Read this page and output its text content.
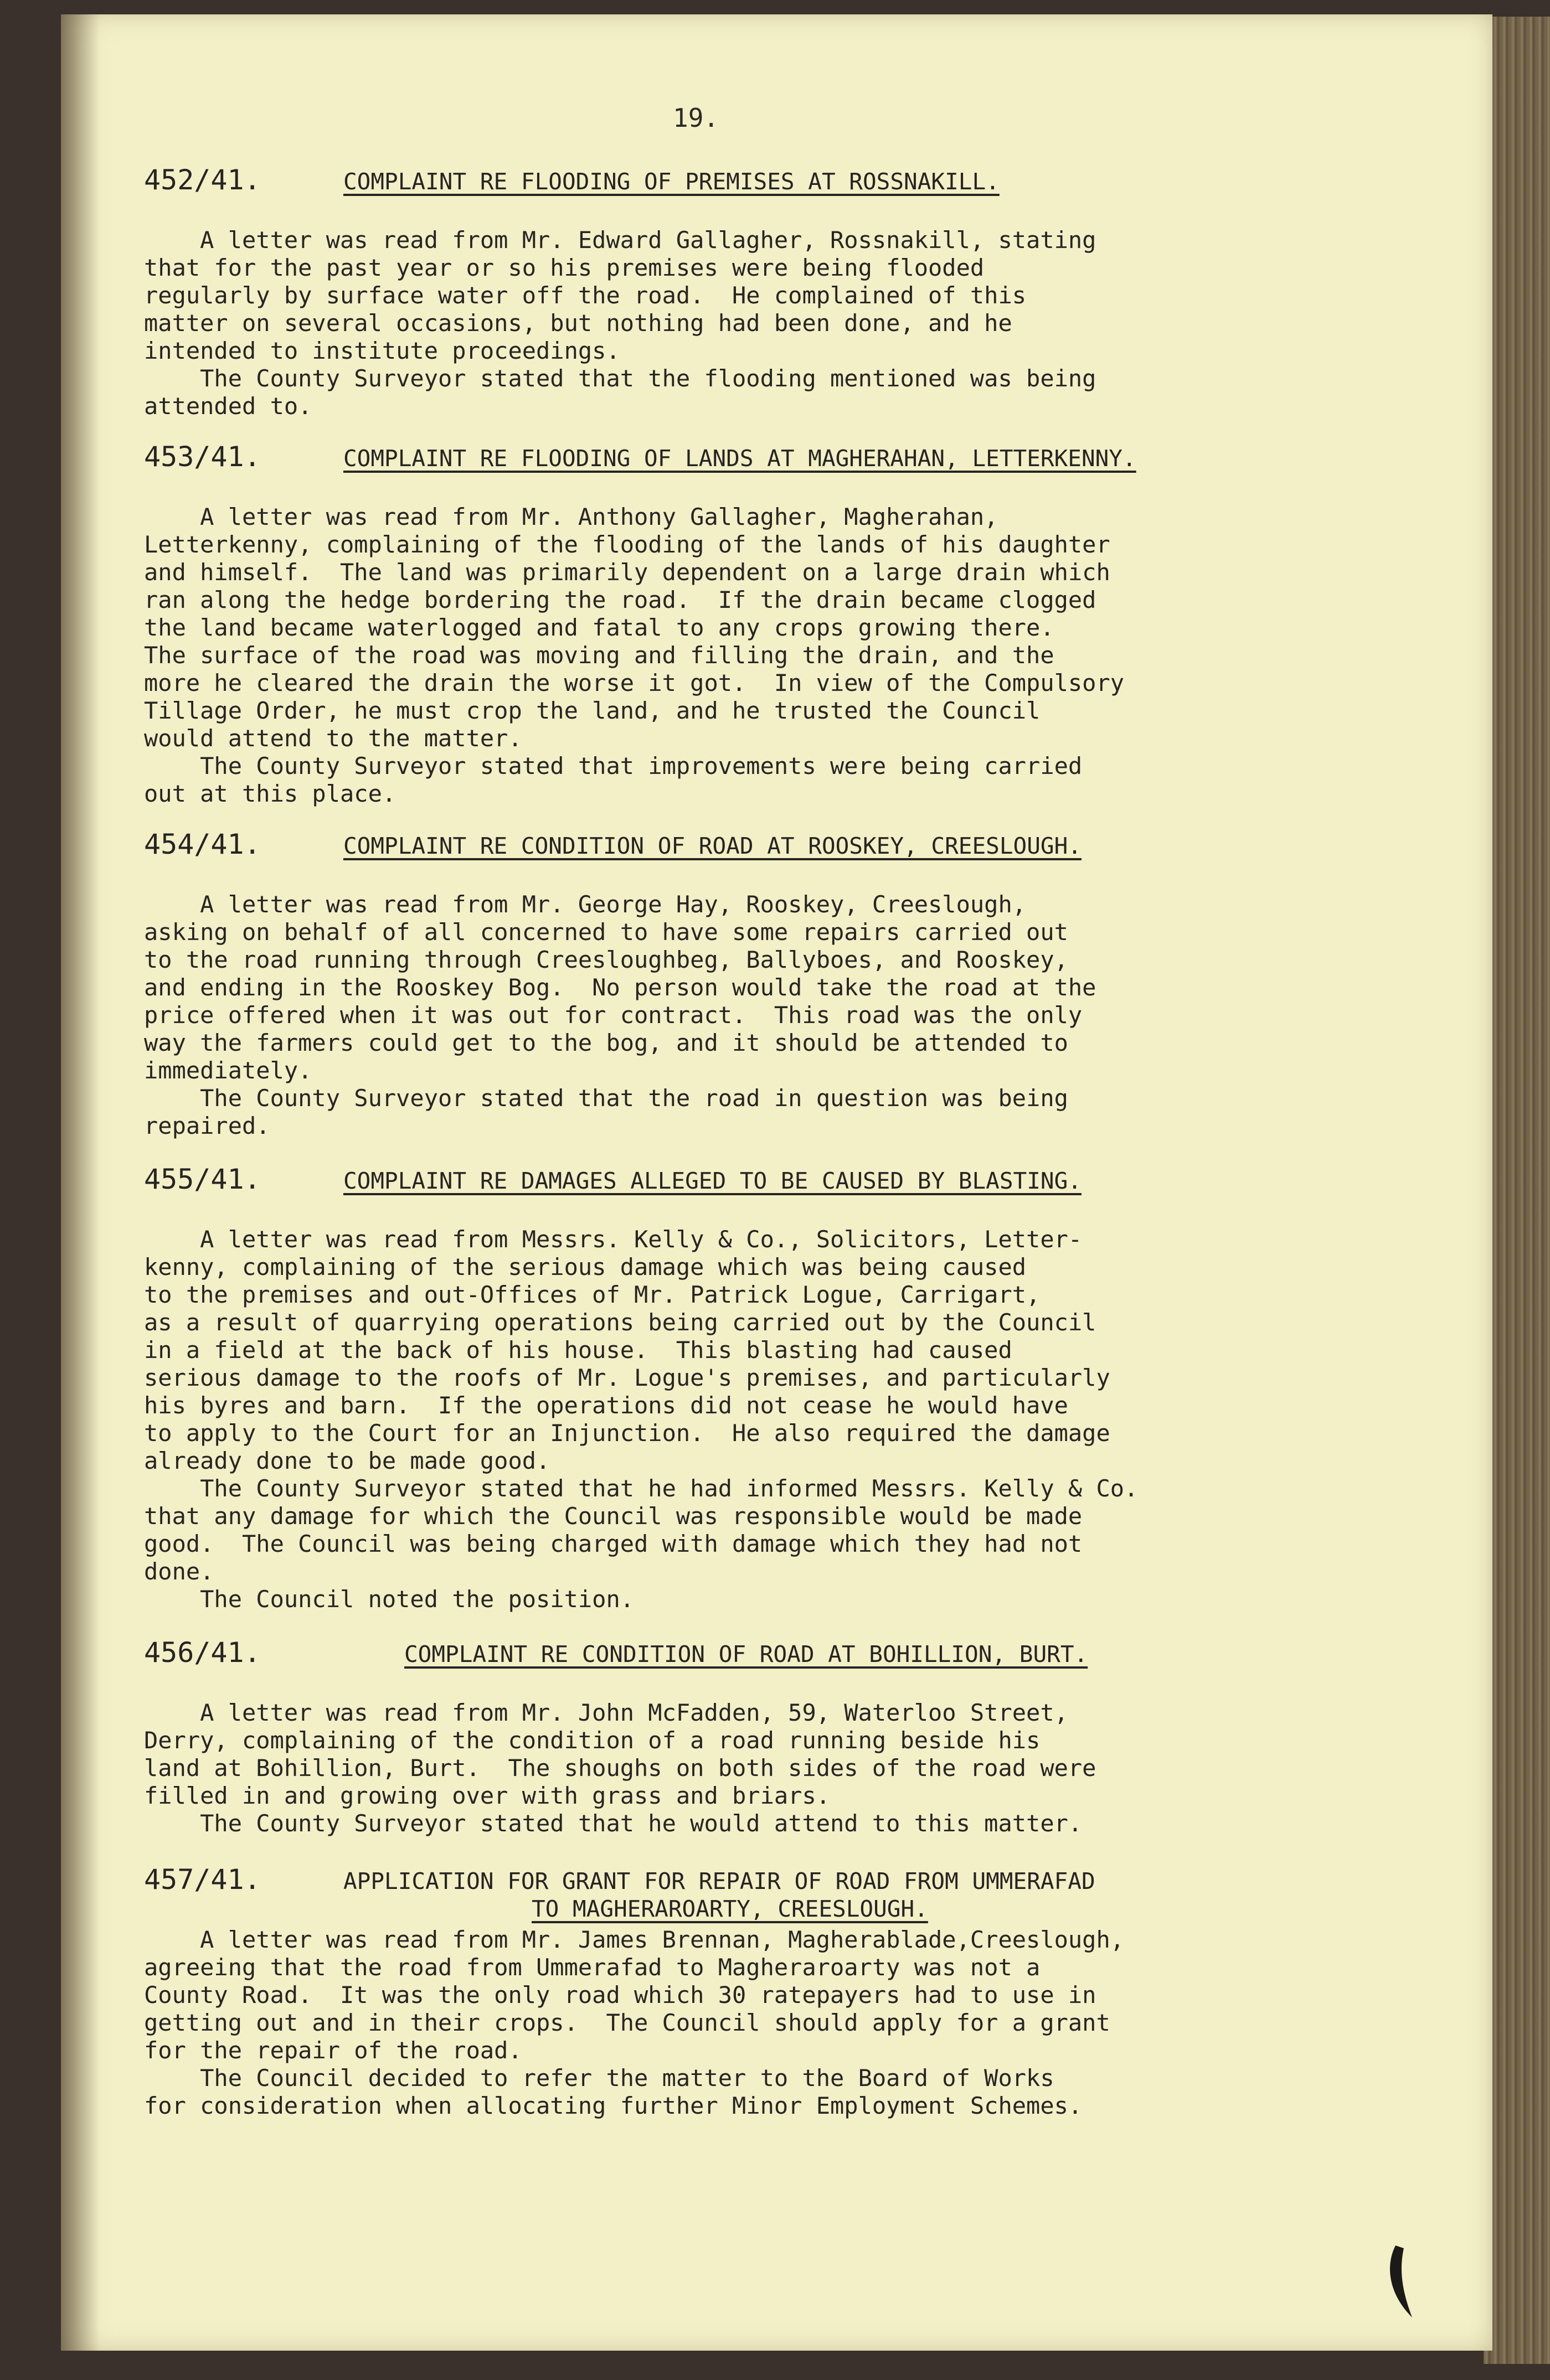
19.
452/41.	COMPLAINT RE FLOODING OF PREMISES AT ROSSNAKILL.

A letter was read from Mr. Edward Gallagher, Rossnakill, stating

that for the past year or so his premises were being flooded

regularly by surface water off the road.  He complained of this

matter on several occasions, but nothing had been done, and he

intended to institute proceedings.

The County Surveyor stated that the flooding mentioned was being

attended to.

453/41.	COMPLAINT RE FLOODING OF LANDS AT MAGHERAHAN, LETTERKENNY.

A letter was read from Mr. Anthony Gallagher, Magherahan,

Letterkenny, complaining of the flooding of the lands of his daughter

and himself.  The land was primarily dependent on a large drain which

ran along the hedge bordering the road.  If the drain became clogged

the land became waterlogged and fatal to any crops growing there.

The surface of the road was moving and filling the drain, and the

more he cleared the drain the worse it got.  In view of the Compulsory

Tillage Order, he must crop the land, and he trusted the Council

would attend to the matter.

The County Surveyor stated that improvements were being carried

out at this place.

454/41.	COMPLAINT RE CONDITION OF ROAD AT ROOSKEY, CREESLOUGH.

A letter was read from Mr. George Hay, Rooskey, Creeslough,

asking on behalf of all concerned to have some repairs carried out

to the road running through Creesloughbeg, Ballyboes, and Rooskey,

and ending in the Rooskey Bog.  No person would take the road at the

price offered when it was out for contract.  This road was the only

way the farmers could get to the bog, and it should be attended to

immediately.

The County Surveyor stated that the road in question was being

repaired.

455/41.	COMPLAINT RE DAMAGES ALLEGED TO BE CAUSED BY BLASTING.

A letter was read from Messrs. Kelly & Co., Solicitors, Letter-

kenny, complaining of the serious damage which was being caused

to the premises and out-Offices of Mr. Patrick Logue, Carrigart,

as a result of quarrying operations being carried out by the Council

in a field at the back of his house.  This blasting had caused

serious damage to the roofs of Mr. Logue's premises, and particularly

his byres and barn.  If the operations did not cease he would have

to apply to the Court for an Injunction.  He also required the damage

already done to be made good.

The County Surveyor stated that he had informed Messrs. Kelly & Co.

that any damage for which the Council was responsible would be made

good.  The Council was being charged with damage which they had not

done.

The Council noted the position.

456/41.	COMPLAINT RE CONDITION OF ROAD AT BOHILLION, BURT.

A letter was read from Mr. John McFadden, 59, Waterloo Street,

Derry, complaining of the condition of a road running beside his

land at Bohillion, Burt.  The shoughs on both sides of the road were

filled in and growing over with grass and briars.

The County Surveyor stated that he would attend to this matter.

457/41.	APPLICATION FOR GRANT FOR REPAIR OF ROAD FROM UMMERAFAD
TO MAGHERAROARTY, CREESLOUGH.

A letter was read from Mr. James Brennan, Magherablade,Creeslough,

agreeing that the road from Ummerafad to Magheraroarty was not a

County Road.  It was the only road which 30 ratepayers had to use in

getting out and in their crops.  The Council should apply for a grant

for the repair of the road.

The Council decided to refer the matter to the Board of Works

for consideration when allocating further Minor Employment Schemes.
